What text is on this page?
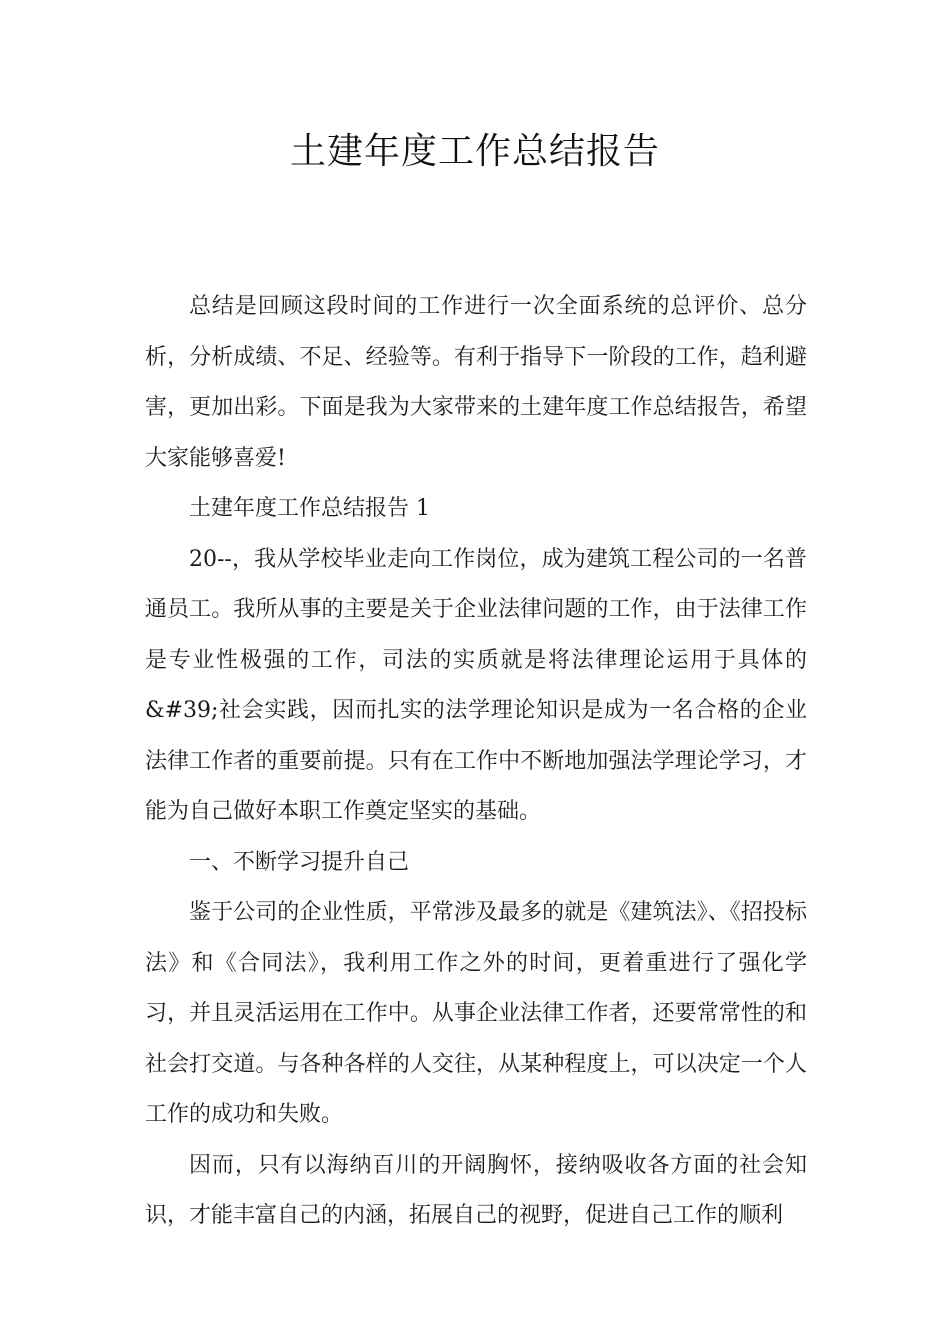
土建年度工作总结报告

总结是回顾这段时间的工作进行一次全面系统的总评价、总分析，分析成绩、不足、经验等。有利于指导下一阶段的工作，趋利避害，更加出彩。下面是我为大家带来的土建年度工作总结报告，希望大家能够喜爱!

土建年度工作总结报告 1

20--，我从学校毕业走向工作岗位，成为建筑工程公司的一名普通员工。我所从事的主要是关于企业法律问题的工作，由于法律工作是专业性极强的工作，司法的实质就是将法律理论运用于具体的&#39;社会实践，因而扎实的法学理论知识是成为一名合格的企业法律工作者的重要前提。只有在工作中不断地加强法学理论学习，才能为自己做好本职工作奠定坚实的基础。

一、不断学习提升自己

鉴于公司的企业性质，平常涉及最多的就是《建筑法》、《招投标法》和《合同法》，我利用工作之外的时间，更着重进行了强化学习，并且灵活运用在工作中。从事企业法律工作者，还要常常性的和社会打交道。与各种各样的人交往，从某种程度上，可以决定一个人工作的成功和失败。

因而，只有以海纳百川的开阔胸怀，接纳吸收各方面的社会知识，才能丰富自己的内涵，拓展自己的视野，促进自己工作的顺利
